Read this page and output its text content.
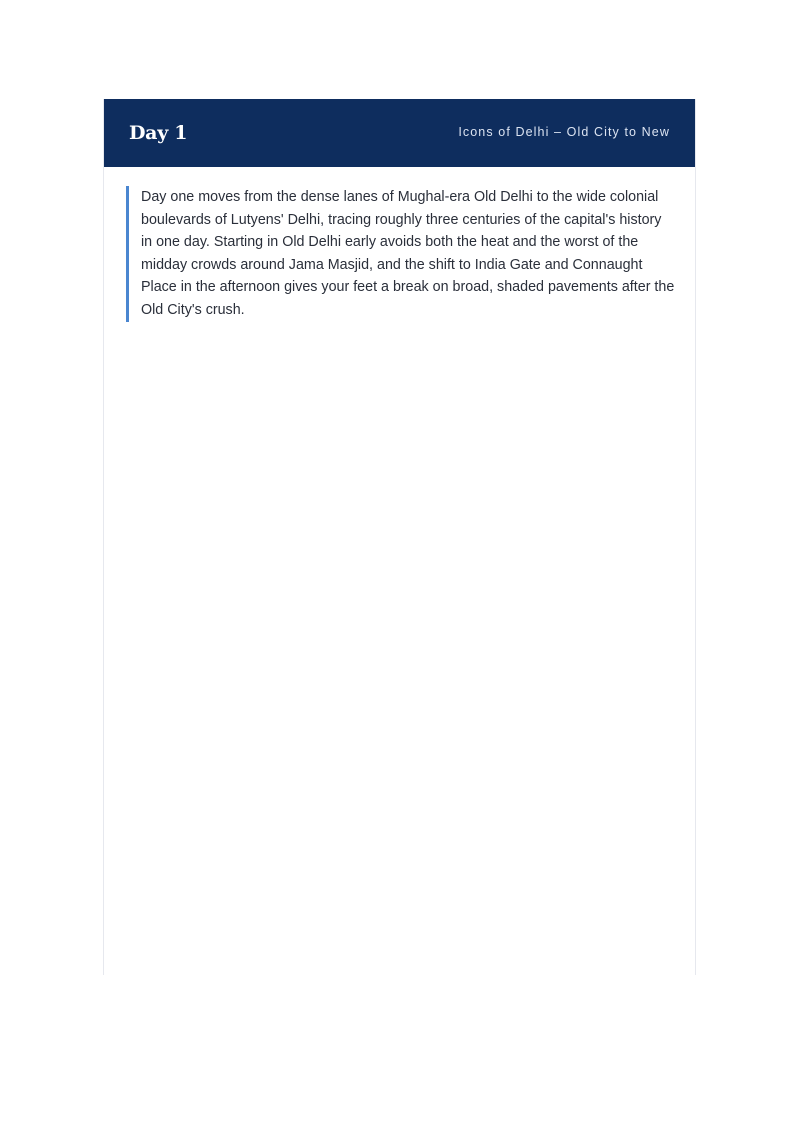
Day 1	Icons of Delhi – Old City to New

Day one moves from the dense lanes of Mughal-era Old Delhi to the wide colonial boulevards of Lutyens' Delhi, tracing roughly three centuries of the capital's history in one day. Starting in Old Delhi early avoids both the heat and the worst of the midday crowds around Jama Masjid, and the shift to India Gate and Connaught Place in the afternoon gives your feet a break on broad, shaded pavements after the Old City's crush.
